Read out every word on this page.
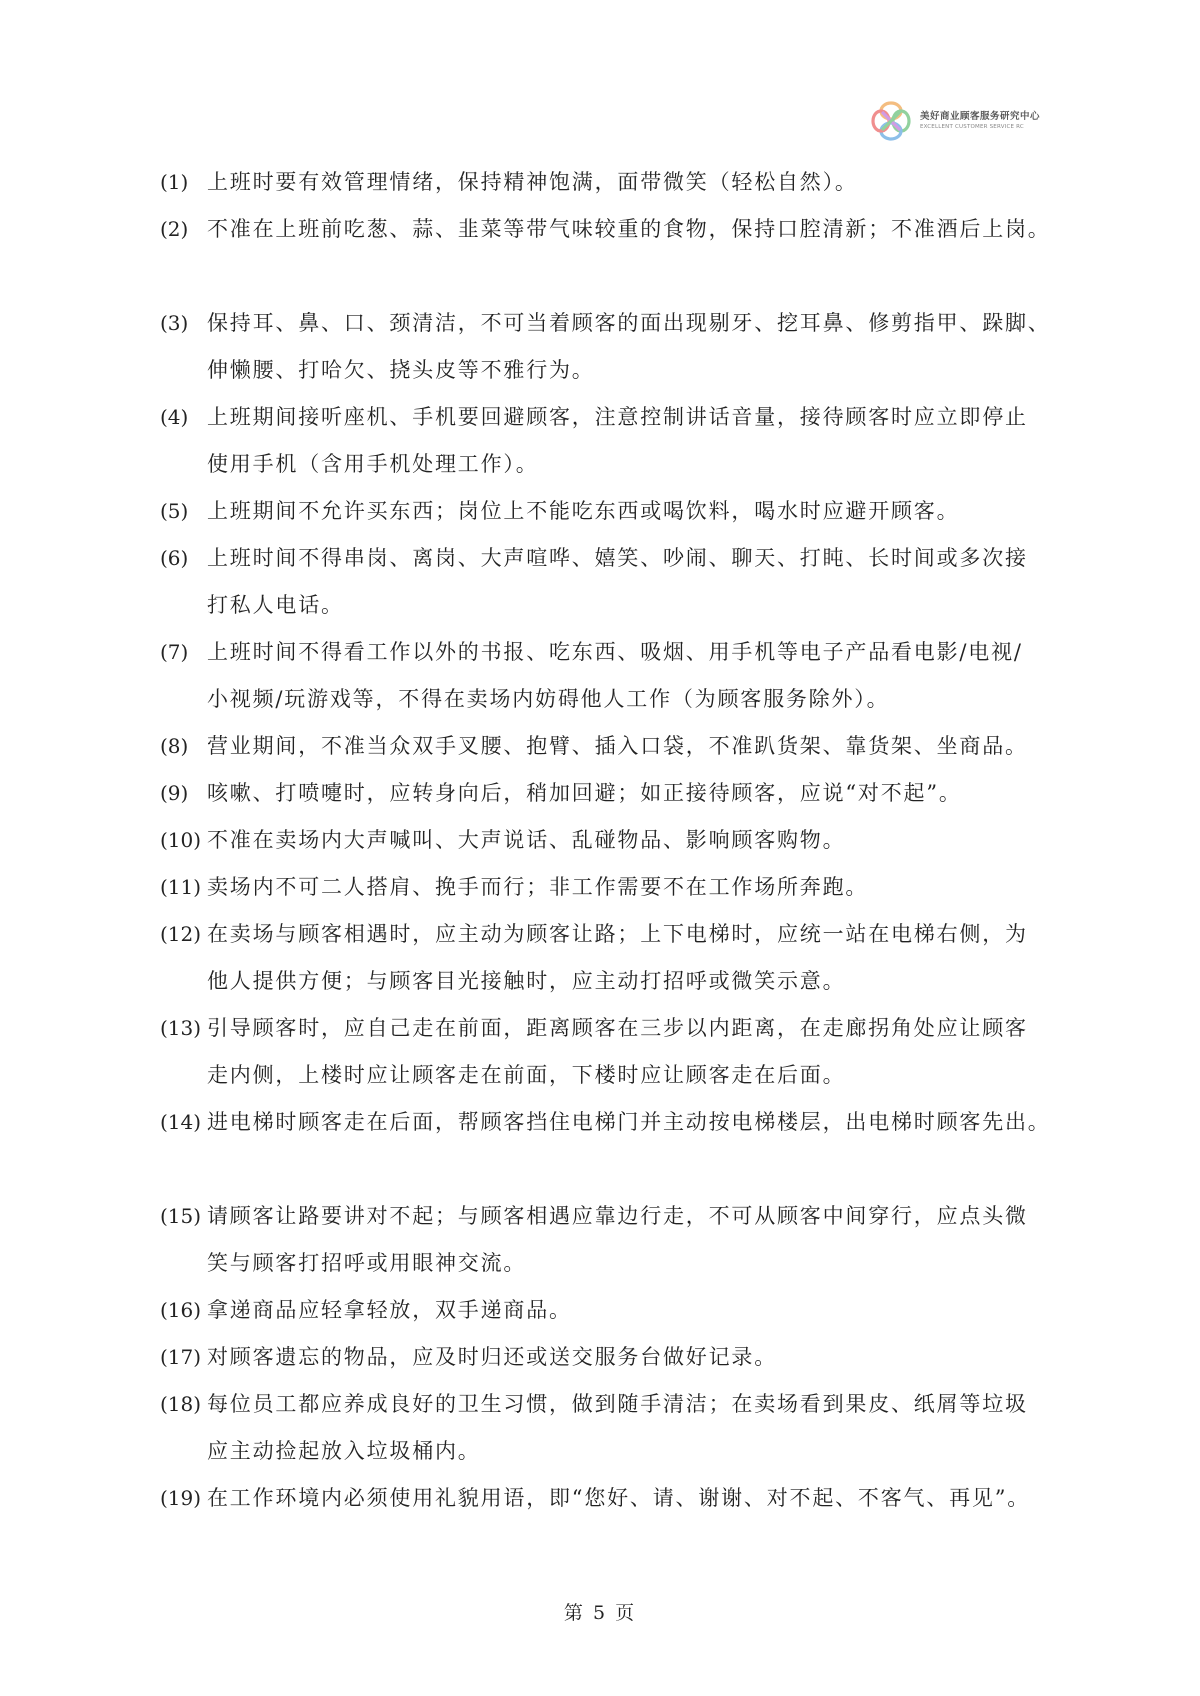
美好商业顾客服务研究中心
EXCELLENT CUSTOMER SERVICE RC
(1) 上班时要有效管理情绪，保持精神饱满，面带微笑（轻松自然）。
(2) 不准在上班前吃葱、蒜、韭菜等带气味较重的食物，保持口腔清新；不准酒后上岗。
(3) 保持耳、鼻、口、颈清洁，不可当着顾客的面出现剔牙、挖耳鼻、修剪指甲、跺脚、
伸懒腰、打哈欠、挠头皮等不雅行为。
(4) 上班期间接听座机、手机要回避顾客，注意控制讲话音量，接待顾客时应立即停止
使用手机（含用手机处理工作）。
(5) 上班期间不允许买东西；岗位上不能吃东西或喝饮料，喝水时应避开顾客。
(6) 上班时间不得串岗、离岗、大声喧哗、嬉笑、吵闹、聊天、打盹、长时间或多次接
打私人电话。
(7) 上班时间不得看工作以外的书报、吃东西、吸烟、用手机等电子产品看电影/电视/
小视频/玩游戏等，不得在卖场内妨碍他人工作（为顾客服务除外）。
(8) 营业期间，不准当众双手叉腰、抱臂、插入口袋，不准趴货架、靠货架、坐商品。
(9) 咳嗽、打喷嚏时，应转身向后，稍加回避；如正接待顾客，应说“对不起”。
(10) 不准在卖场内大声喊叫、大声说话、乱碰物品、影响顾客购物。
(11) 卖场内不可二人搭肩、挽手而行；非工作需要不在工作场所奔跑。
(12) 在卖场与顾客相遇时，应主动为顾客让路；上下电梯时，应统一站在电梯右侧，为
他人提供方便；与顾客目光接触时，应主动打招呼或微笑示意。
(13) 引导顾客时，应自己走在前面，距离顾客在三步以内距离，在走廊拐角处应让顾客
走内侧，上楼时应让顾客走在前面，下楼时应让顾客走在后面。
(14) 进电梯时顾客走在后面，帮顾客挡住电梯门并主动按电梯楼层，出电梯时顾客先出。
(15) 请顾客让路要讲对不起；与顾客相遇应靠边行走，不可从顾客中间穿行，应点头微
笑与顾客打招呼或用眼神交流。
(16) 拿递商品应轻拿轻放，双手递商品。
(17) 对顾客遗忘的物品，应及时归还或送交服务台做好记录。
(18) 每位员工都应养成良好的卫生习惯，做到随手清洁；在卖场看到果皮、纸屑等垃圾
应主动捡起放入垃圾桶内。
(19) 在工作环境内必须使用礼貌用语，即“您好、请、谢谢、对不起、不客气、再见”。
第 5 页
